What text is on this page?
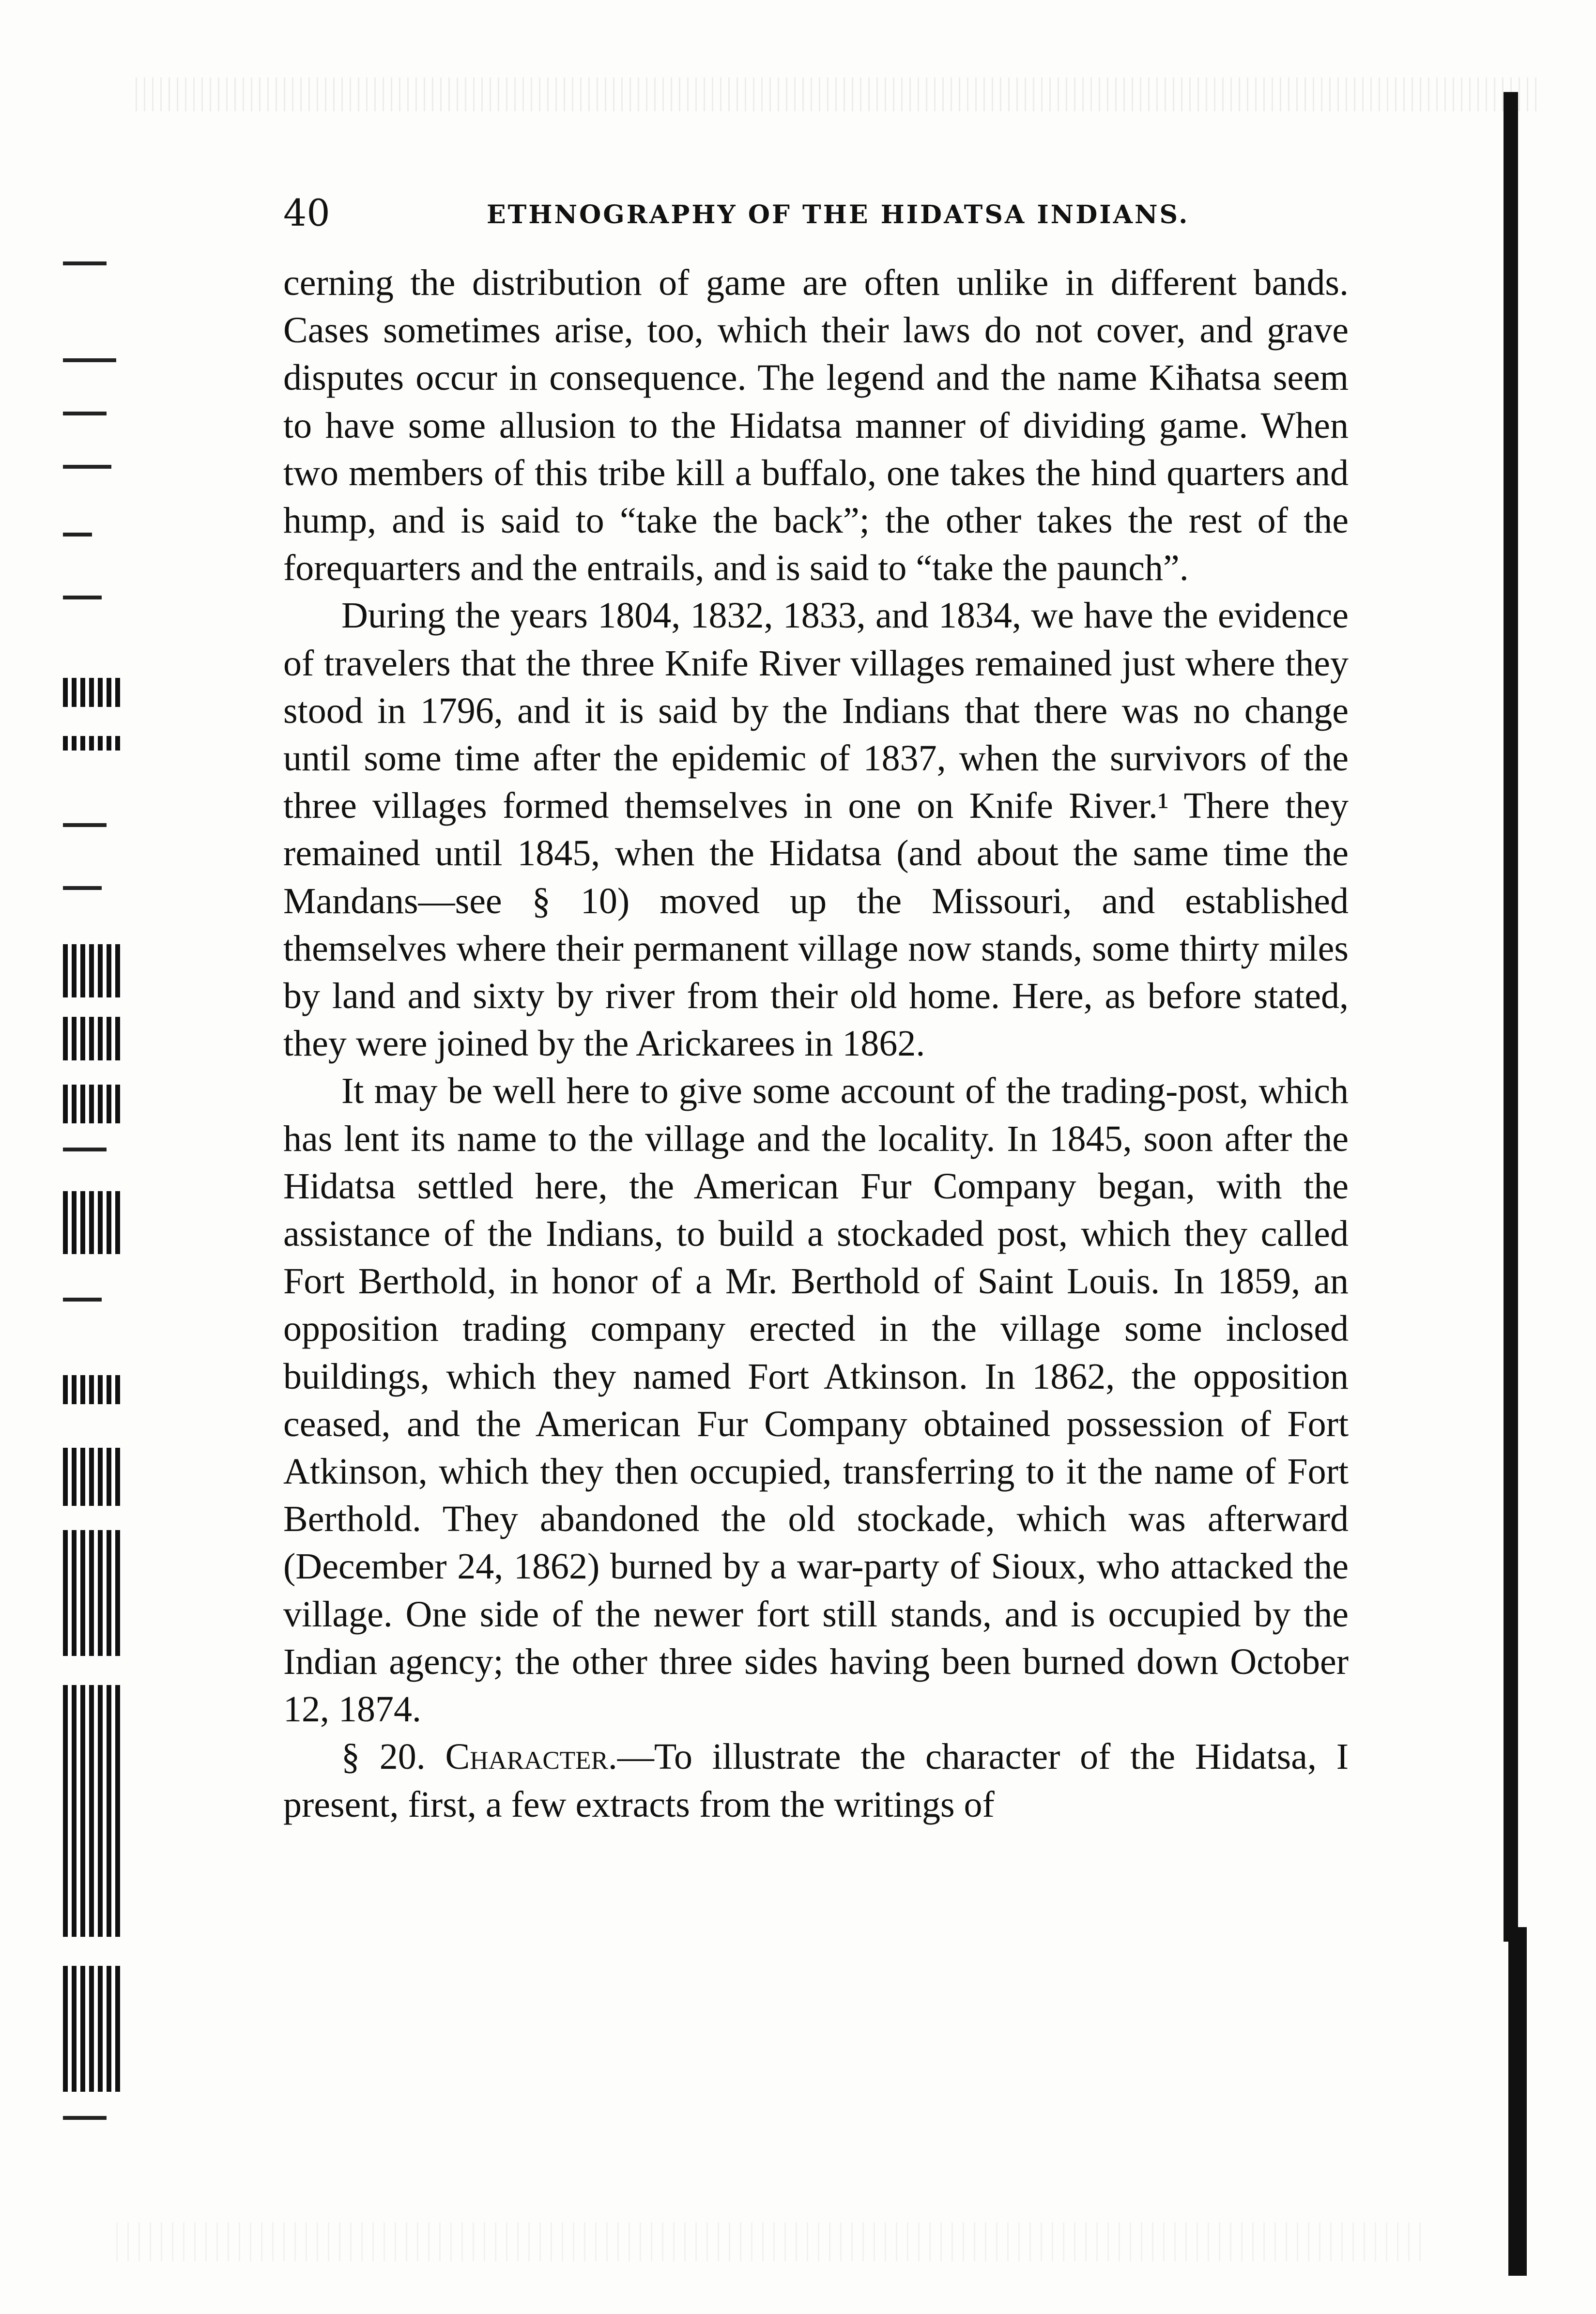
40	ETHNOGRAPHY OF THE HIDATSA INDIANS.

cerning the distribution of game are often unlike in different bands. Cases sometimes arise, too, which their laws do not cover, and grave disputes occur in consequence. The legend and the name Kiħatsa seem to have some allusion to the Hidatsa manner of dividing game. When two members of this tribe kill a buffalo, one takes the hind quarters and hump, and is said to “take the back”; the other takes the rest of the forequarters and the entrails, and is said to “take the paunch”.

During the years 1804, 1832, 1833, and 1834, we have the evidence of travelers that the three Knife River villages remained just where they stood in 1796, and it is said by the Indians that there was no change until some time after the epidemic of 1837, when the survivors of the three villages formed themselves in one on Knife River.¹ There they remained until 1845, when the Hidatsa (and about the same time the Mandans—see § 10) moved up the Missouri, and established themselves where their permanent village now stands, some thirty miles by land and sixty by river from their old home. Here, as before stated, they were joined by the Arickarees in 1862.

It may be well here to give some account of the trading-post, which has lent its name to the village and the locality. In 1845, soon after the Hidatsa settled here, the American Fur Company began, with the assistance of the Indians, to build a stockaded post, which they called Fort Berthold, in honor of a Mr. Berthold of Saint Louis. In 1859, an opposition trading company erected in the village some inclosed buildings, which they named Fort Atkinson. In 1862, the opposition ceased, and the American Fur Company obtained possession of Fort Atkinson, which they then occupied, transferring to it the name of Fort Berthold. They abandoned the old stockade, which was afterward (December 24, 1862) burned by a war-party of Sioux, who attacked the village. One side of the newer fort still stands, and is occupied by the Indian agency; the other three sides having been burned down October 12, 1874.

§ 20. Character.—To illustrate the character of the Hidatsa, I present, first, a few extracts from the writings of
